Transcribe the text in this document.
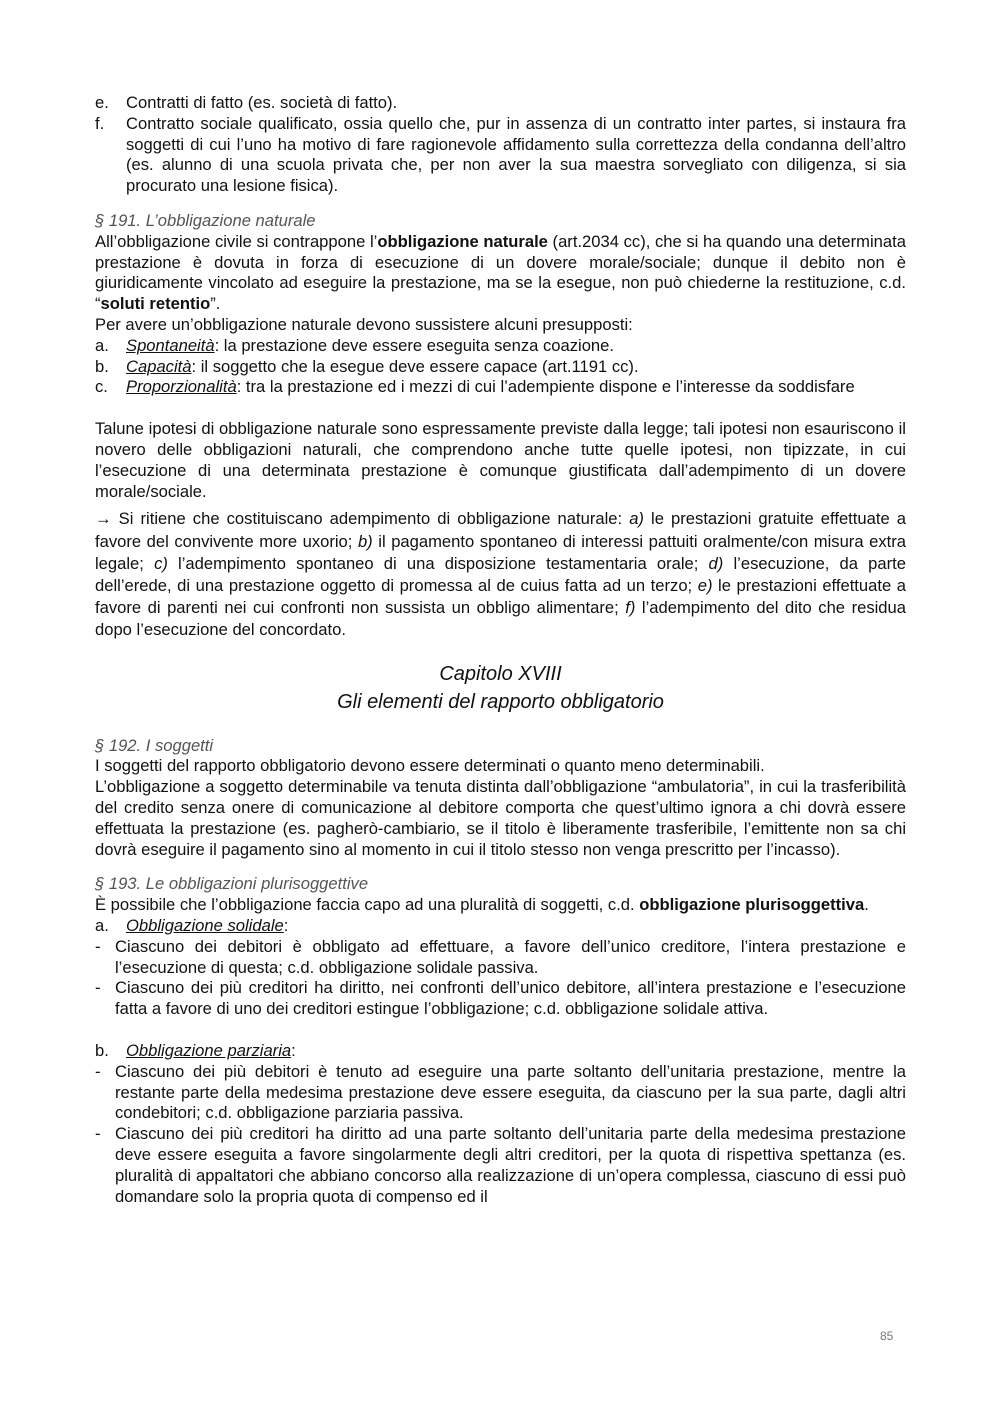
e. Contratti di fatto (es. società di fatto).
f. Contratto sociale qualificato, ossia quello che, pur in assenza di un contratto inter partes, si instaura fra soggetti di cui l’uno ha motivo di fare ragionevole affidamento sulla correttezza della condanna dell’altro (es. alunno di una scuola privata che, per non aver la sua maestra sorvegliato con diligenza, si sia procurato una lesione fisica).
§ 191. L’obbligazione naturale
All’obbligazione civile si contrappone l’obbligazione naturale (art.2034 cc), che si ha quando una determinata prestazione è dovuta in forza di esecuzione di un dovere morale/sociale; dunque il debito non è giuridicamente vincolato ad eseguire la prestazione, ma se la esegue, non può chiederne la restituzione, c.d. “soluti retentio”.
Per avere un’obbligazione naturale devono sussistere alcuni presupposti:
a. Spontaneità: la prestazione deve essere eseguita senza coazione.
b. Capacità: il soggetto che la esegue deve essere capace (art.1191 cc).
c. Proporzionalità: tra la prestazione ed i mezzi di cui l’adempiente dispone e l’interesse da soddisfare
Talune ipotesi di obbligazione naturale sono espressamente previste dalla legge; tali ipotesi non esauriscono il novero delle obbligazioni naturali, che comprendono anche tutte quelle ipotesi, non tipizzate, in cui l’esecuzione di una determinata prestazione è comunque giustificata dall’adempimento di un dovere morale/sociale.
→ Si ritiene che costituiscano adempimento di obbligazione naturale: a) le prestazioni gratuite effettuate a favore del convivente more uxorio; b) il pagamento spontaneo di interessi pattuiti oralmente/con misura extra legale; c) l’adempimento spontaneo di una disposizione testamentaria orale; d) l’esecuzione, da parte dell’erede, di una prestazione oggetto di promessa al de cuius fatta ad un terzo; e) le prestazioni effettuate a favore di parenti nei cui confronti non sussista un obbligo alimentare; f) l’adempimento del dito che residua dopo l’esecuzione del concordato.
Capitolo XVIII
Gli elementi del rapporto obbligatorio
§ 192. I soggetti
I soggetti del rapporto obbligatorio devono essere determinati o quanto meno determinabili.
L’obbligazione a soggetto determinabile va tenuta distinta dall’obbligazione “ambulatoria”, in cui la trasferibilità del credito senza onere di comunicazione al debitore comporta che quest’ultimo ignora a chi dovrà essere effettuata la prestazione (es. pagherò-cambiario, se il titolo è liberamente trasferibile, l’emittente non sa chi dovrà eseguire il pagamento sino al momento in cui il titolo stesso non venga prescritto per l’incasso).
§ 193. Le obbligazioni plurisoggettive
È possibile che l’obbligazione faccia capo ad una pluralità di soggetti, c.d. obbligazione plurisoggettiva.
a. Obbligazione solidale:
- Ciascuno dei debitori è obbligato ad effettuare, a favore dell’unico creditore, l’intera prestazione e l’esecuzione di questa; c.d. obbligazione solidale passiva.
- Ciascuno dei più creditori ha diritto, nei confronti dell’unico debitore, all’intera prestazione e l’esecuzione fatta a favore di uno dei creditori estingue l’obbligazione; c.d. obbligazione solidale attiva.
b. Obbligazione parziaria:
- Ciascuno dei più debitori è tenuto ad eseguire una parte soltanto dell’unitaria prestazione, mentre la restante parte della medesima prestazione deve essere eseguita, da ciascuno per la sua parte, dagli altri condebitori; c.d. obbligazione parziaria passiva.
- Ciascuno dei più creditori ha diritto ad una parte soltanto dell’unitaria parte della medesima prestazione deve essere eseguita a favore singolarmente degli altri creditori, per la quota di rispettiva spettanza (es. pluralità di appaltatori che abbiano concorso alla realizzazione di un’opera complessa, ciascuno di essi può domandare solo la propria quota di compenso ed il
85
